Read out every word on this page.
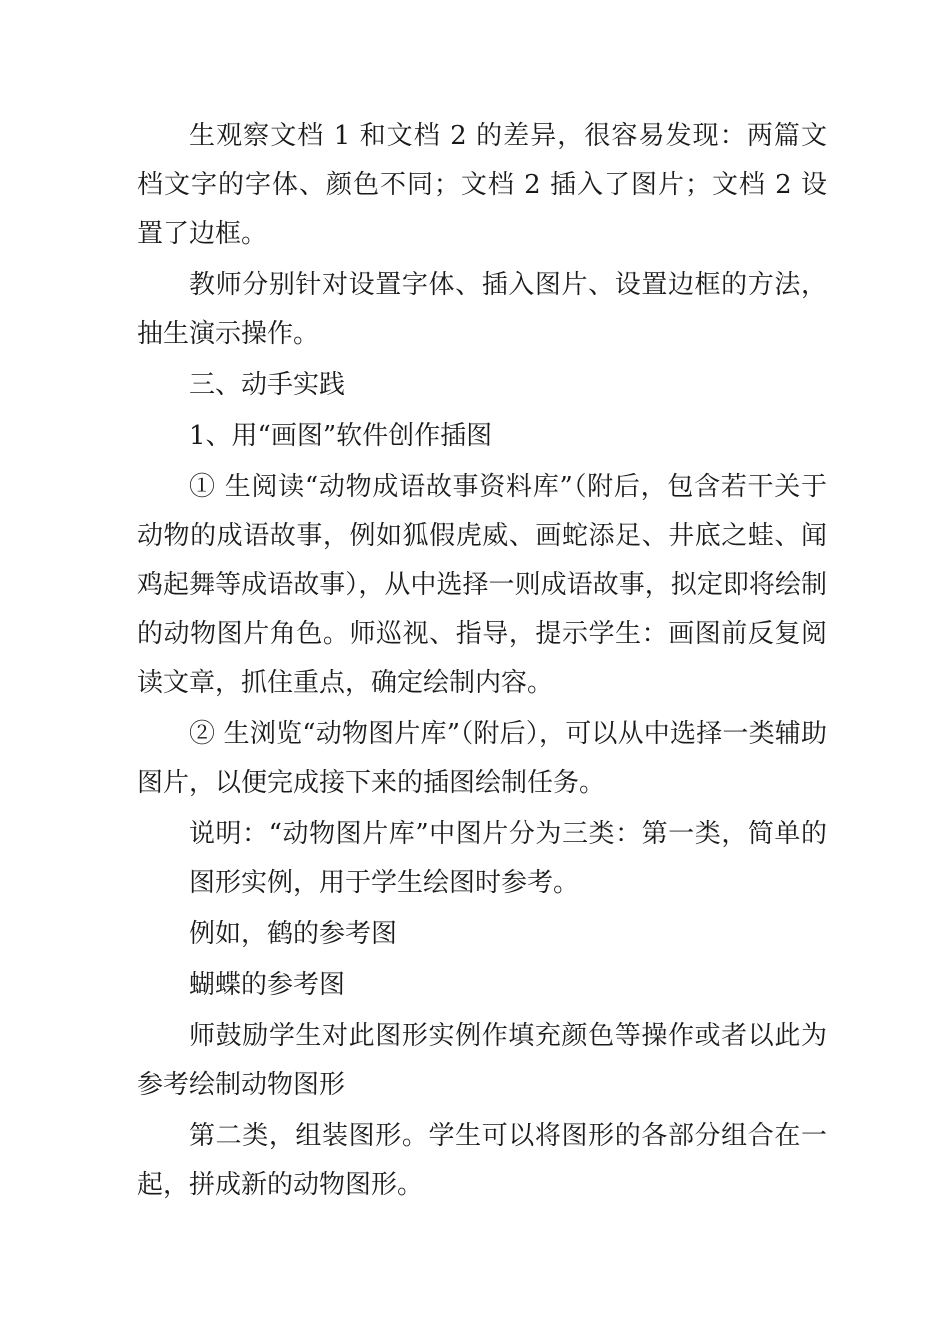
生观察文档 1 和文档 2 的差异，很容易发现：两篇文档文字的字体、颜色不同；文档 2 插入了图片；文档 2 设置了边框。

教师分别针对设置字体、插入图片、设置边框的方法，抽生演示操作。

三、动手实践

1、用“画图”软件创作插图

① 生阅读“动物成语故事资料库”（附后，包含若干关于动物的成语故事，例如狐假虎威、画蛇添足、井底之蛙、闻鸡起舞等成语故事），从中选择一则成语故事，拟定即将绘制的动物图片角色。师巡视、指导，提示学生：画图前反复阅读文章，抓住重点，确定绘制内容。

② 生浏览“动物图片库”（附后），可以从中选择一类辅助图片，以便完成接下来的插图绘制任务。

说明：“动物图片库”中图片分为三类：第一类，简单的图形实例，用于学生绘图时参考。

例如，鹤的参考图

蝴蝶的参考图

师鼓励学生对此图形实例作填充颜色等操作或者以此为参考绘制动物图形

第二类，组装图形。学生可以将图形的各部分组合在一起，拼成新的动物图形。
